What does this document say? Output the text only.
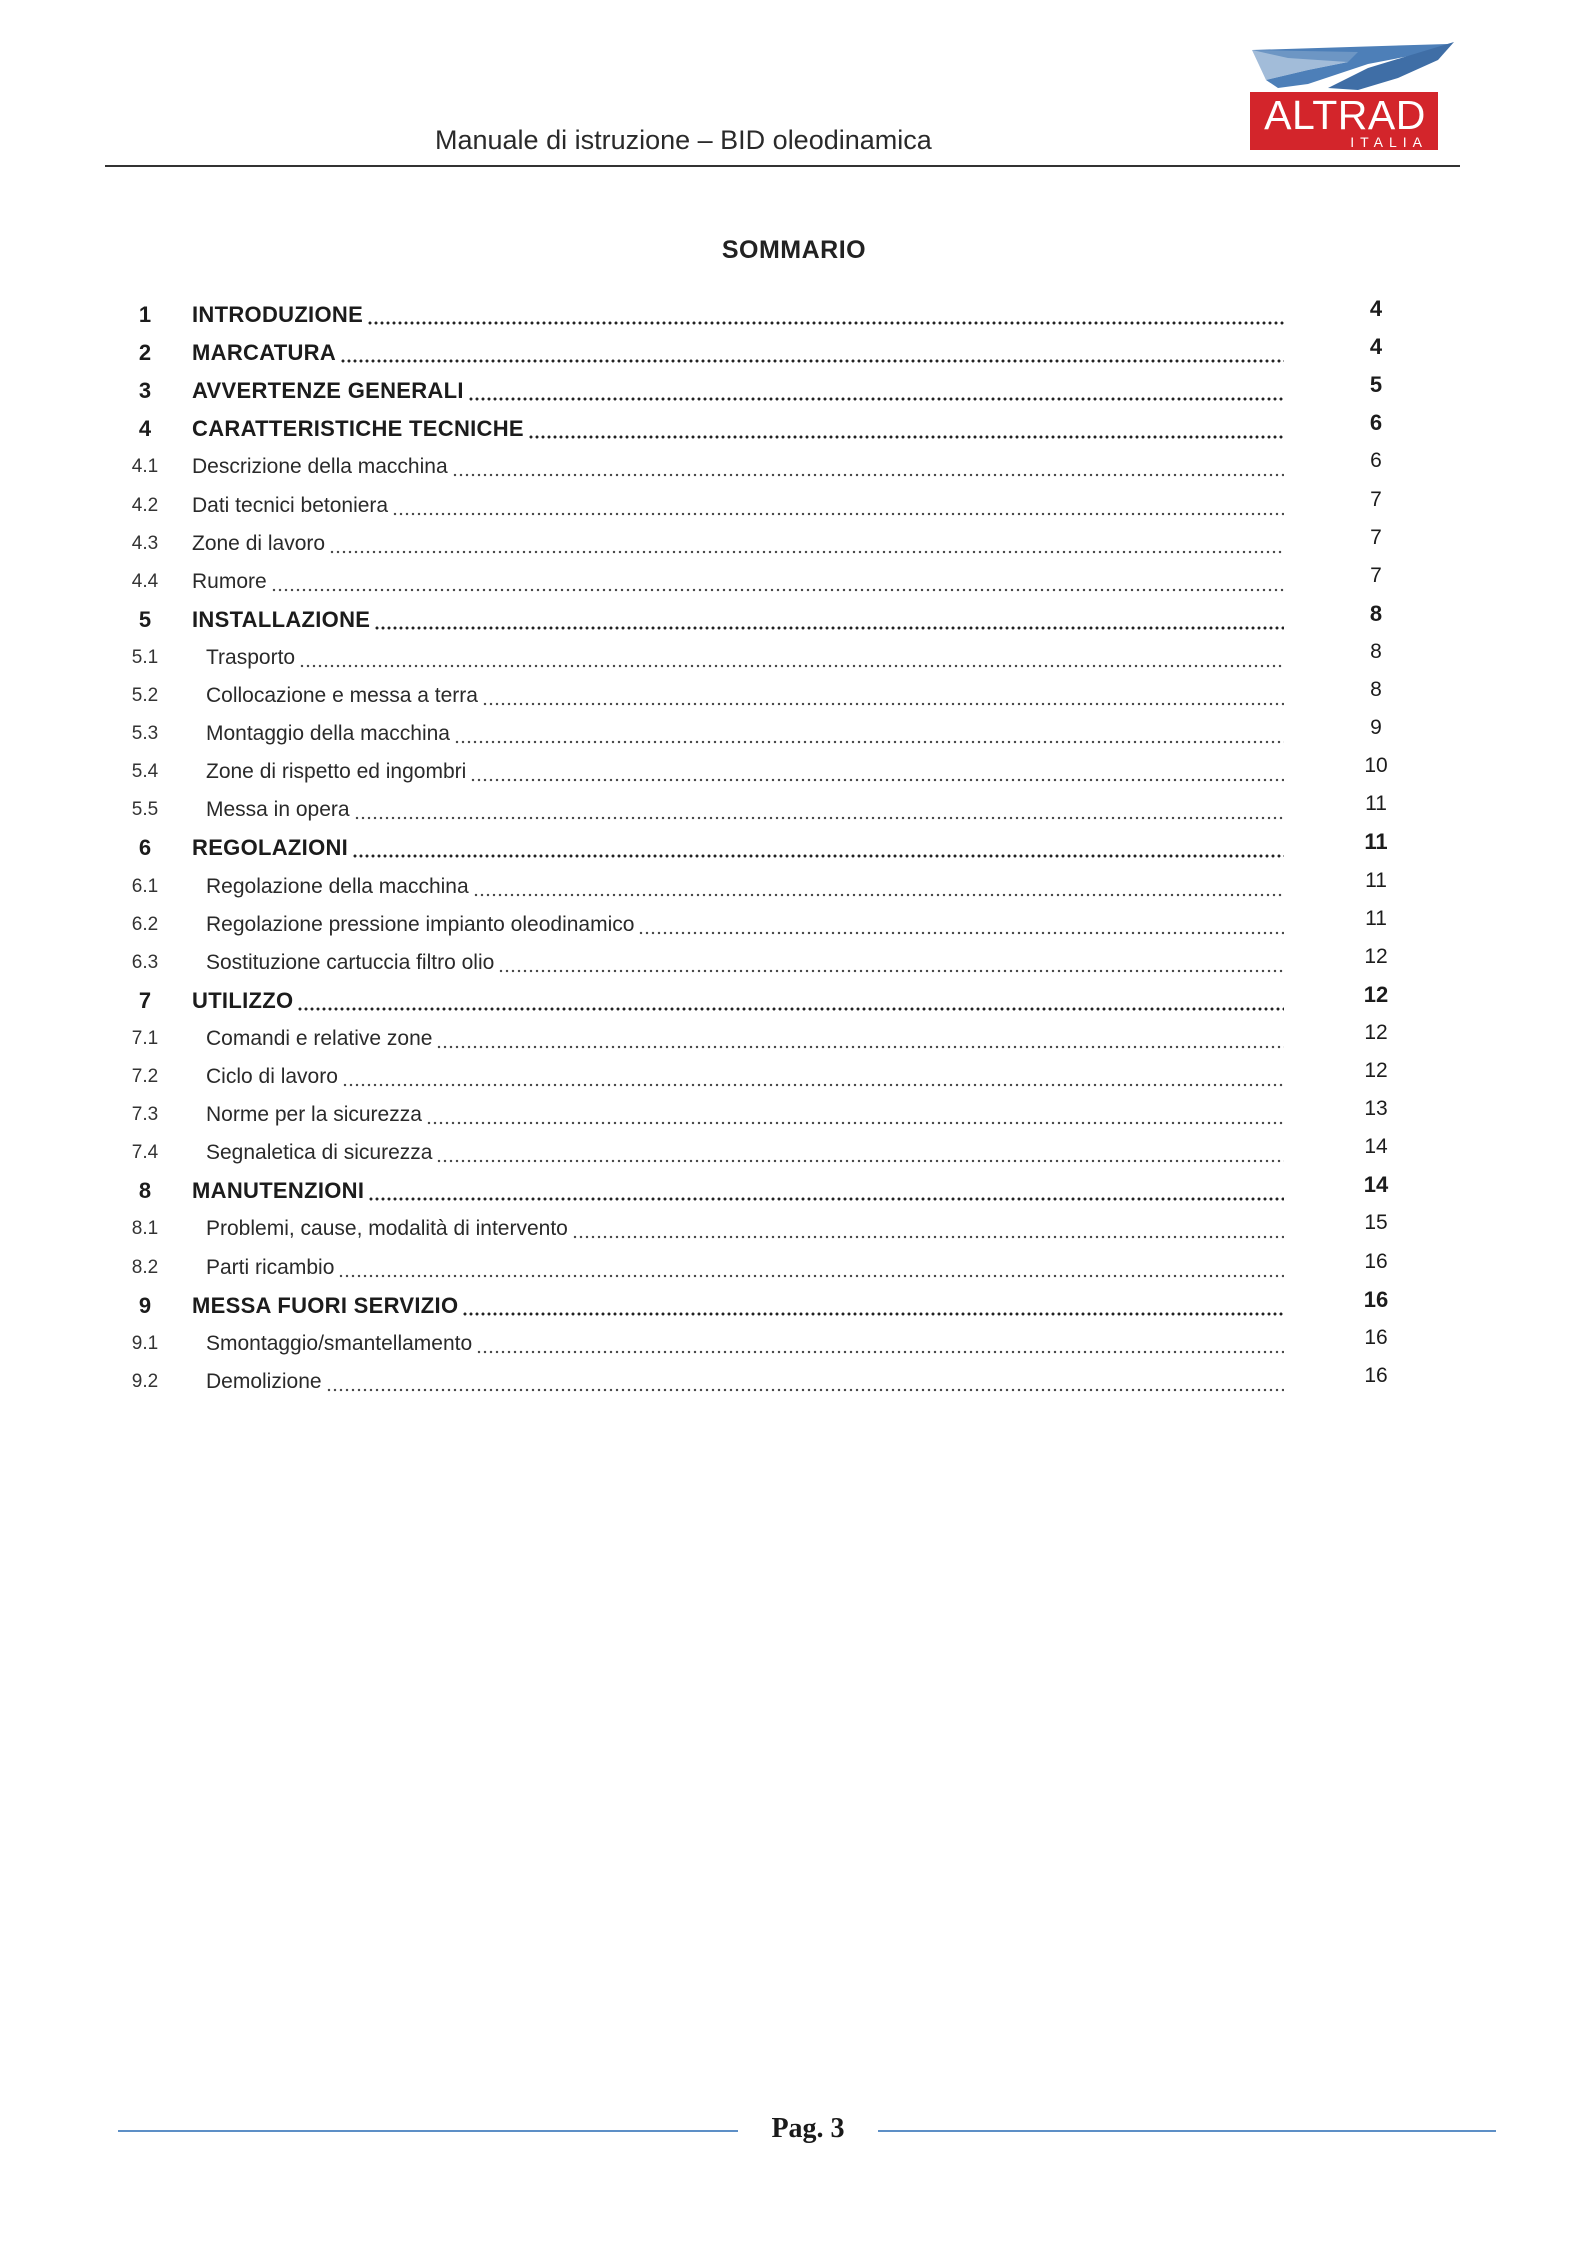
Manuale di istruzione – BID oleodinamica
ALTRAD
ITALIA
SOMMARIO
1	INTRODUZIONE	4
2	MARCATURA	4
3	AVVERTENZE GENERALI	5
4	CARATTERISTICHE TECNICHE	6
4.1	Descrizione della macchina	6
4.2	Dati tecnici betoniera	7
4.3	Zone di lavoro	7
4.4	Rumore	7
5	INSTALLAZIONE	8
5.1	Trasporto	8
5.2	Collocazione e messa a terra	8
5.3	Montaggio della macchina	9
5.4	Zone di rispetto ed ingombri	10
5.5	Messa in opera	11
6	REGOLAZIONI	11
6.1	Regolazione della macchina	11
6.2	Regolazione pressione impianto oleodinamico	11
6.3	Sostituzione cartuccia filtro olio	12
7	UTILIZZO	12
7.1	Comandi e relative zone	12
7.2	Ciclo di lavoro	12
7.3	Norme per la sicurezza	13
7.4	Segnaletica di sicurezza	14
8	MANUTENZIONI	14
8.1	Problemi, cause, modalità di intervento	15
8.2	Parti ricambio	16
9	MESSA FUORI SERVIZIO	16
9.1	Smontaggio/smantellamento	16
9.2	Demolizione	16
Pag. 3
